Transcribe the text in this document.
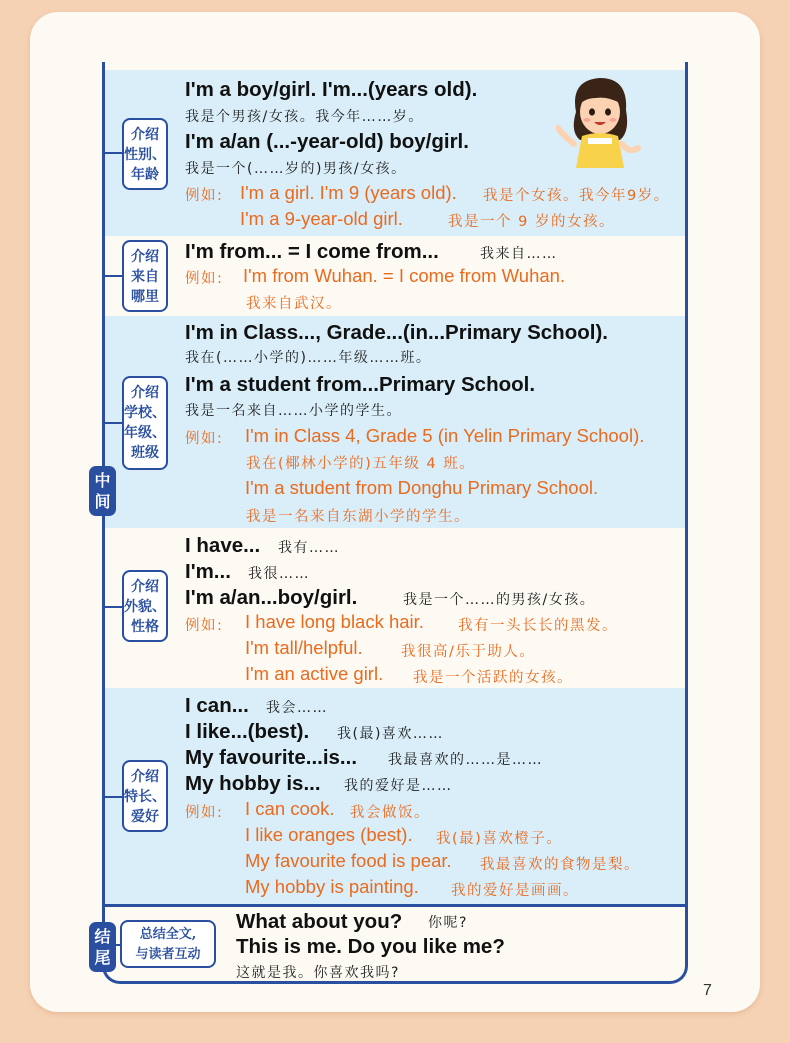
中
间
结
尾
介绍
性别、
年龄
I'm a boy/girl. I'm...(years old).
我是个男孩/女孩。我今年……岁。
I'm a/an (...-year-old) boy/girl.
我是一个(……岁的)男孩/女孩。
例如: I'm a girl. I'm 9 (years old). 我是个女孩。我今年9岁。
I'm a 9-year-old girl.	我是一个 9 岁的女孩。
介绍
来自
哪里
I'm from... = I come from...	我来自……
例如: I'm from Wuhan. = I come from Wuhan.
我来自武汉。
介绍
学校、
年级、
班级
I'm in Class..., Grade...(in...Primary School).
我在(……小学的)……年级……班。
I'm a student from...Primary School.
我是一名来自……小学的学生。
例如: I'm in Class 4, Grade 5 (in Yelin Primary School).
我在(椰林小学的)五年级 4 班。
I'm a student from Donghu Primary School.
我是一名来自东湖小学的学生。
介绍
外貌、
性格
I have... 我有……
I'm... 我很……
I'm a/an...boy/girl.	我是一个……的男孩/女孩。
例如: I have long black hair. 我有一头长长的黑发。
I'm tall/helpful.	我很高/乐于助人。
I'm an active girl. 我是一个活跃的女孩。
介绍
特长、
爱好
I can... 我会……
I like...(best). 我(最)喜欢……
My favourite...is... 我最喜欢的……是……
My hobby is... 我的爱好是……
例如: I can cook. 我会做饭。
I like oranges (best). 我(最)喜欢橙子。
My favourite food is pear. 我最喜欢的食物是梨。
My hobby is painting. 我的爱好是画画。
总结全文,
与读者互动
What about you? 你呢?
This is me. Do you like me?
这就是我。你喜欢我吗?
7
